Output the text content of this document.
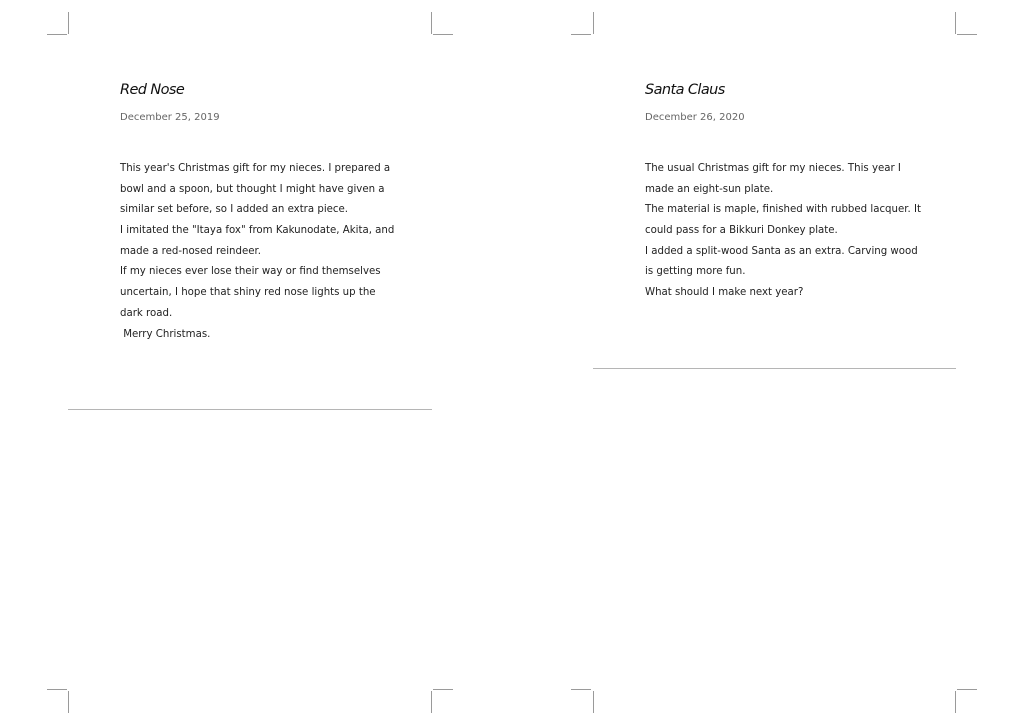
Red Nose
December 25, 2019
This year's Christmas gift for my nieces. I prepared a
bowl and a spoon, but thought I might have given a
similar set before, so I added an extra piece.
I imitated the "Itaya fox" from Kakunodate, Akita, and
made a red-nosed reindeer.
If my nieces ever lose their way or find themselves
uncertain, I hope that shiny red nose lights up the
dark road.
Merry Christmas.
Santa Claus
December 26, 2020
The usual Christmas gift for my nieces. This year I
made an eight-sun plate.
The material is maple, finished with rubbed lacquer. It
could pass for a Bikkuri Donkey plate.
I added a split-wood Santa as an extra. Carving wood
is getting more fun.
What should I make next year?
